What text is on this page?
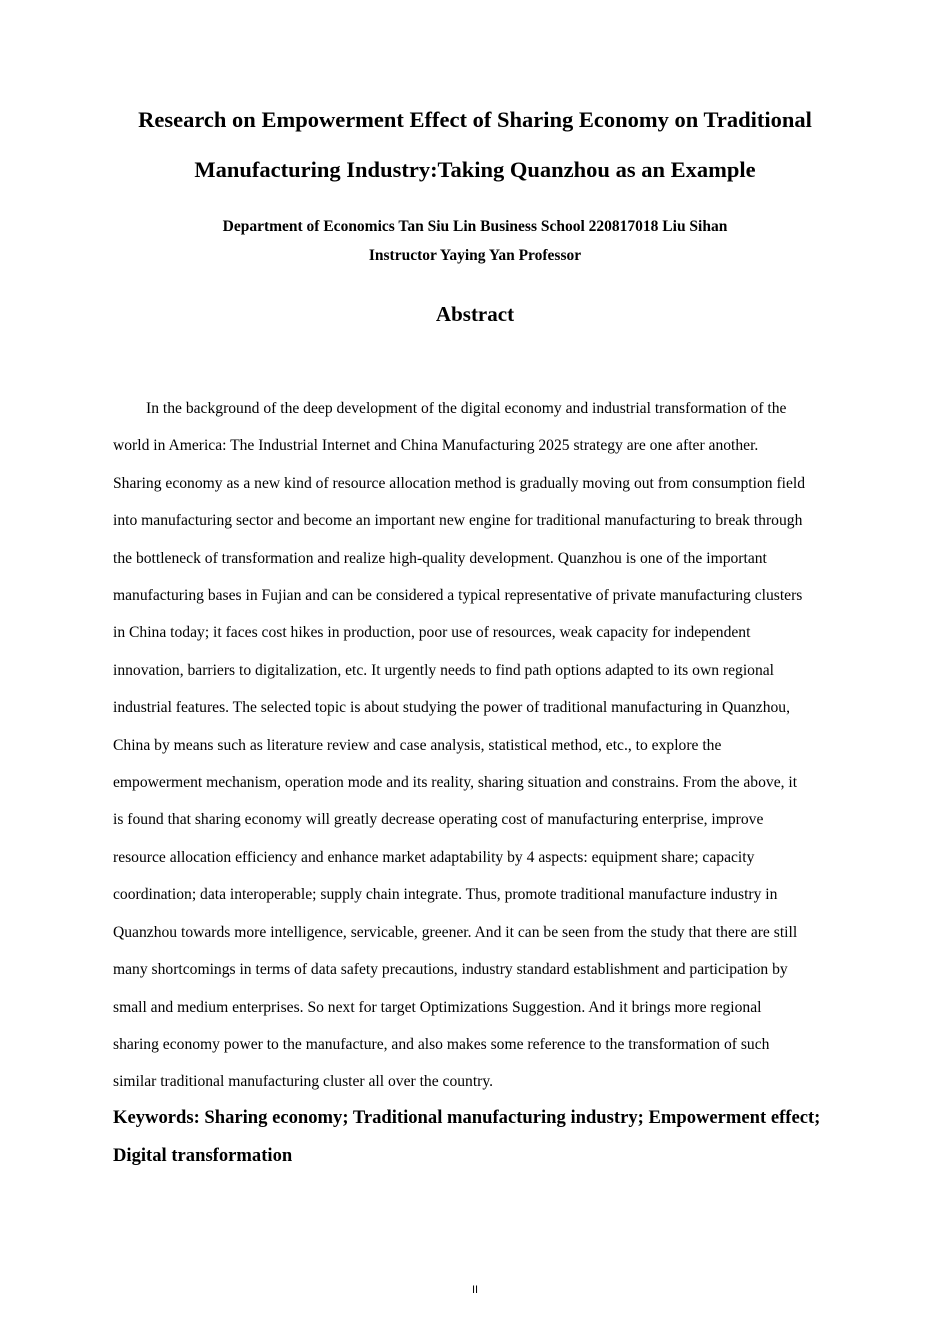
Research on Empowerment Effect of Sharing Economy on Traditional
Manufacturing Industry:Taking Quanzhou as an Example
Department of Economics Tan Siu Lin Business School 220817018 Liu Sihan
Instructor Yaying Yan Professor
Abstract
In the background of the deep development of the digital economy and industrial transformation of the
world in America: The Industrial Internet and China Manufacturing 2025 strategy are one after another.
Sharing economy as a new kind of resource allocation method is gradually moving out from consumption field
into manufacturing sector and become an important new engine for traditional manufacturing to break through
the bottleneck of transformation and realize high-quality development. Quanzhou is one of the important
manufacturing bases in Fujian and can be considered a typical representative of private manufacturing clusters
in China today; it faces cost hikes in production, poor use of resources, weak capacity for independent
innovation, barriers to digitalization, etc. It urgently needs to find path options adapted to its own regional
industrial features. The selected topic is about studying the power of traditional manufacturing in Quanzhou,
China by means such as literature review and case analysis, statistical method, etc., to explore the
empowerment mechanism, operation mode and its reality, sharing situation and constrains. From the above, it
is found that sharing economy will greatly decrease operating cost of manufacturing enterprise, improve
resource allocation efficiency and enhance market adaptability by 4 aspects: equipment share; capacity
coordination; data interoperable; supply chain integrate. Thus, promote traditional manufacture industry in
Quanzhou towards more intelligence, servicable, greener. And it can be seen from the study that there are still
many shortcomings in terms of data safety precautions, industry standard establishment and participation by
small and medium enterprises. So next for target Optimizations Suggestion. And it brings more regional
sharing economy power to the manufacture, and also makes some reference to the transformation of such
similar traditional manufacturing cluster all over the country.
Keywords: Sharing economy; Traditional manufacturing industry; Empowerment effect;
Digital transformation
II
